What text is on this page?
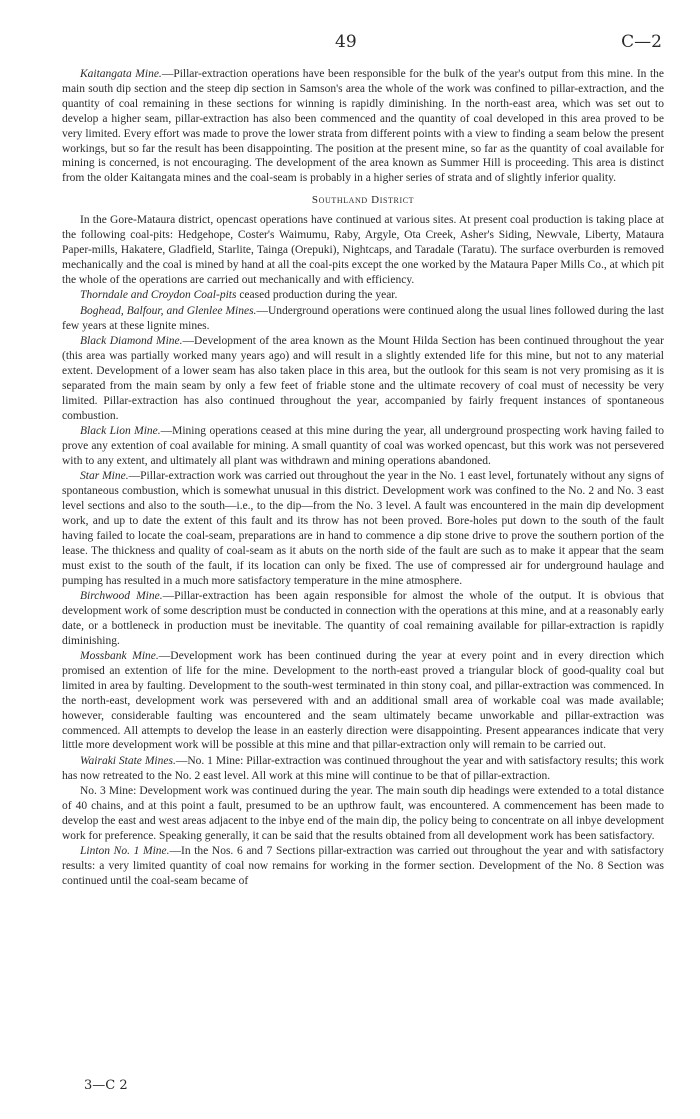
49	C—2

Kaitangata Mine.—Pillar-extraction operations have been responsible for the bulk of the year's output from this mine. In the main south dip section and the steep dip section in Samson's area the whole of the work was confined to pillar-extraction, and the quantity of coal remaining in these sections for winning is rapidly diminishing. In the north-east area, which was set out to develop a higher seam, pillar-extraction has also been commenced and the quantity of coal developed in this area proved to be very limited. Every effort was made to prove the lower strata from different points with a view to finding a seam below the present workings, but so far the result has been disappointing. The position at the present mine, so far as the quantity of coal available for mining is concerned, is not encouraging. The development of the area known as Summer Hill is proceeding. This area is distinct from the older Kaitangata mines and the coal-seam is probably in a higher series of strata and of slightly inferior quality.

Southland District

In the Gore-Mataura district, opencast operations have continued at various sites. At present coal production is taking place at the following coal-pits: Hedgehope, Coster's Waimumu, Raby, Argyle, Ota Creek, Asher's Siding, Newvale, Liberty, Mataura Paper-mills, Hakatere, Gladfield, Starlite, Tainga (Orepuki), Nightcaps, and Taradale (Taratu). The surface overburden is removed mechanically and the coal is mined by hand at all the coal-pits except the one worked by the Mataura Paper Mills Co., at which pit the whole of the operations are carried out mechanically and with efficiency.

Thorndale and Croydon Coal-pits ceased production during the year.

Boghead, Balfour, and Glenlee Mines.—Underground operations were continued along the usual lines followed during the last few years at these lignite mines.

Black Diamond Mine.—Development of the area known as the Mount Hilda Section has been continued throughout the year (this area was partially worked many years ago) and will result in a slightly extended life for this mine, but not to any material extent. Development of a lower seam has also taken place in this area, but the outlook for this seam is not very promising as it is separated from the main seam by only a few feet of friable stone and the ultimate recovery of coal must of necessity be very limited. Pillar-extraction has also continued throughout the year, accompanied by fairly frequent instances of spontaneous combustion.

Black Lion Mine.—Mining operations ceased at this mine during the year, all underground prospecting work having failed to prove any extention of coal available for mining. A small quantity of coal was worked opencast, but this work was not persevered with to any extent, and ultimately all plant was withdrawn and mining operations abandoned.

Star Mine.—Pillar-extraction work was carried out throughout the year in the No. 1 east level, fortunately without any signs of spontaneous combustion, which is somewhat unusual in this district. Development work was confined to the No. 2 and No. 3 east level sections and also to the south—i.e., to the dip—from the No. 3 level. A fault was encountered in the main dip development work, and up to date the extent of this fault and its throw has not been proved. Bore-holes put down to the south of the fault having failed to locate the coal-seam, preparations are in hand to commence a dip stone drive to prove the southern portion of the lease. The thickness and quality of coal-seam as it abuts on the north side of the fault are such as to make it appear that the seam must exist to the south of the fault, if its location can only be fixed. The use of compressed air for underground haulage and pumping has resulted in a much more satisfactory temperature in the mine atmosphere.

Birchwood Mine.—Pillar-extraction has been again responsible for almost the whole of the output. It is obvious that development work of some description must be conducted in connection with the operations at this mine, and at a reasonably early date, or a bottleneck in production must be inevitable. The quantity of coal remaining available for pillar-extraction is rapidly diminishing.

Mossbank Mine.—Development work has been continued during the year at every point and in every direction which promised an extention of life for the mine. Development to the north-east proved a triangular block of good-quality coal but limited in area by faulting. Development to the south-west terminated in thin stony coal, and pillar-extraction was commenced. In the north-east, development work was persevered with and an additional small area of workable coal was made available; however, considerable faulting was encountered and the seam ultimately became unworkable and pillar-extraction was commenced. All attempts to develop the lease in an easterly direction were disappointing. Present appearances indicate that very little more development work will be possible at this mine and that pillar-extraction only will remain to be carried out.

Wairaki State Mines.—No. 1 Mine: Pillar-extraction was continued throughout the year and with satisfactory results; this work has now retreated to the No. 2 east level. All work at this mine will continue to be that of pillar-extraction.

No. 3 Mine: Development work was continued during the year. The main south dip headings were extended to a total distance of 40 chains, and at this point a fault, presumed to be an upthrow fault, was encountered. A commencement has been made to develop the east and west areas adjacent to the inbye end of the main dip, the policy being to concentrate on all inbye development work for preference. Speaking generally, it can be said that the results obtained from all development work has been satisfactory.

Linton No. 1 Mine.—In the Nos. 6 and 7 Sections pillar-extraction was carried out throughout the year and with satisfactory results: a very limited quantity of coal now remains for working in the former section. Development of the No. 8 Section was continued until the coal-seam became of

3—C 2
